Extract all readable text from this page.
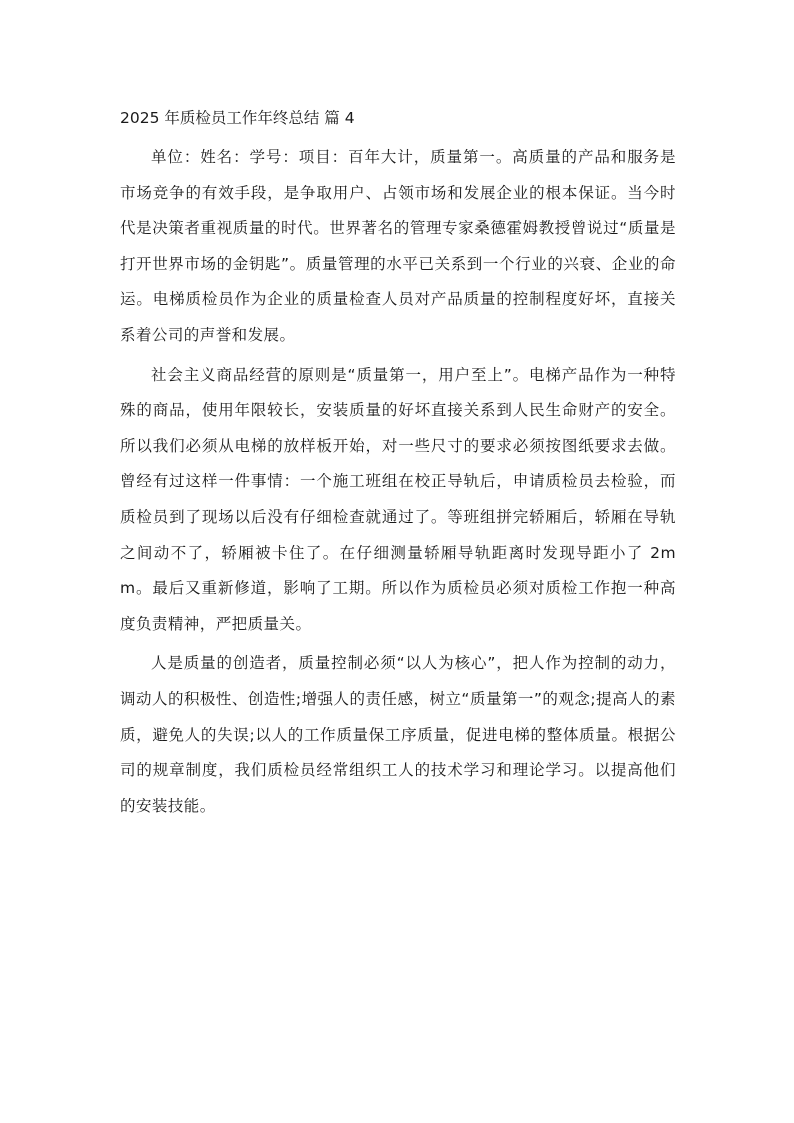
2025 年质检员工作年终总结 篇 4

单位：姓名：学号：项目：百年大计，质量第一。高质量的产品和服务是市场竞争的有效手段，是争取用户、占领市场和发展企业的根本保证。当今时代是决策者重视质量的时代。世界著名的管理专家桑德霍姆教授曾说过“质量是打开世界市场的金钥匙”。质量管理的水平已关系到一个行业的兴衰、企业的命运。电梯质检员作为企业的质量检查人员对产品质量的控制程度好坏，直接关系着公司的声誉和发展。

社会主义商品经营的原则是“质量第一，用户至上”。电梯产品作为一种特殊的商品，使用年限较长，安装质量的好坏直接关系到人民生命财产的安全。所以我们必须从电梯的放样板开始，对一些尺寸的要求必须按图纸要求去做。曾经有过这样一件事情：一个施工班组在校正导轨后，申请质检员去检验，而质检员到了现场以后没有仔细检查就通过了。等班组拼完轿厢后，轿厢在导轨之间动不了，轿厢被卡住了。在仔细测量轿厢导轨距离时发现导距小了 2mm。最后又重新修道，影响了工期。所以作为质检员必须对质检工作抱一种高度负责精神，严把质量关。

人是质量的创造者，质量控制必须“以人为核心”，把人作为控制的动力，调动人的积极性、创造性;增强人的责任感，树立“质量第一”的观念;提高人的素质，避免人的失误;以人的工作质量保工序质量，促进电梯的整体质量。根据公司的规章制度，我们质检员经常组织工人的技术学习和理论学习。以提高他们的安装技能。
